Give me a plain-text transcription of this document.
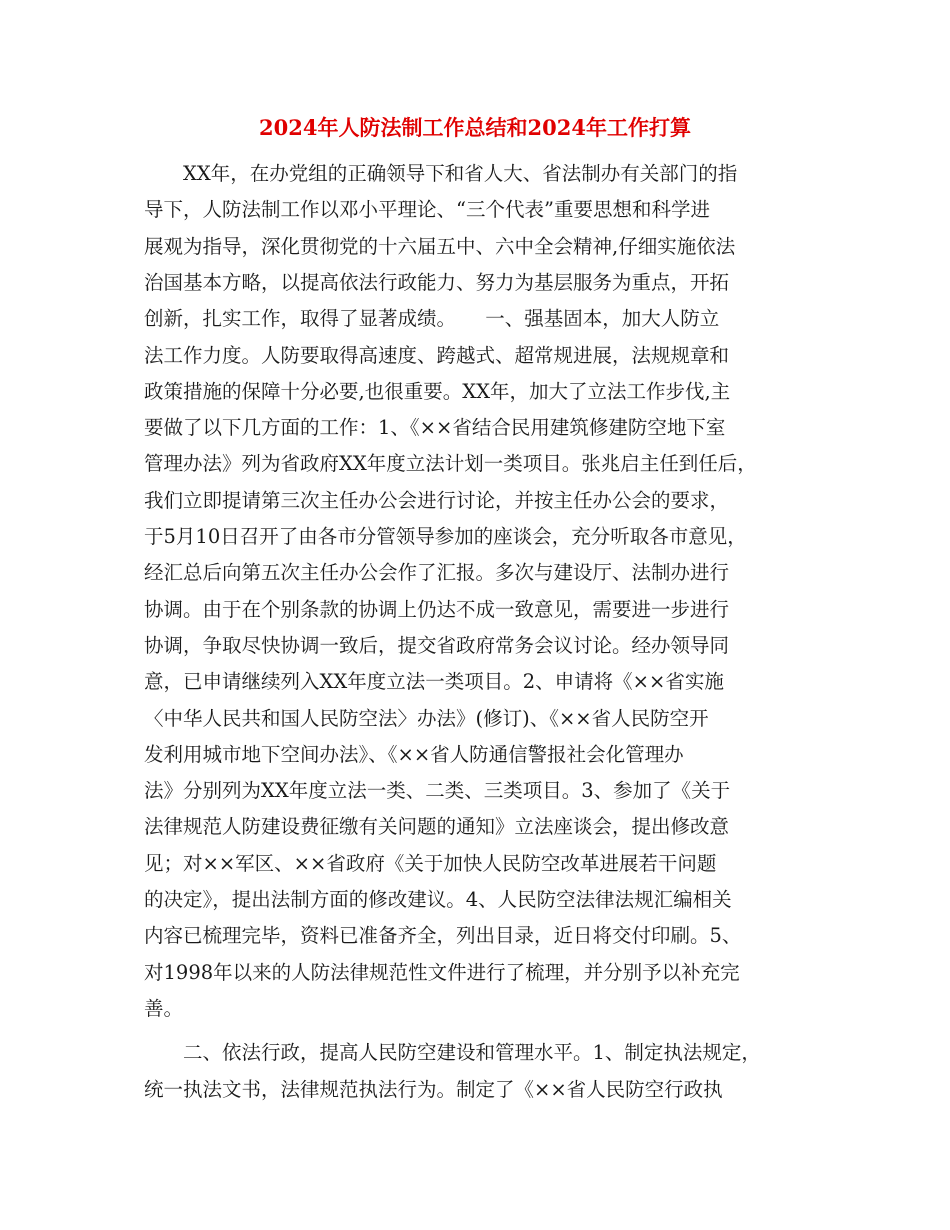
2024年人防法制工作总结和2024年工作打算
　　XX年，在办党组的正确领导下和省人大、省法制办有关部门的指
导下，人防法制工作以邓小平理论、“三个代表”重要思想和科学进
展观为指导，深化贯彻党的十六届五中、六中全会精神,仔细实施依法
治国基本方略，以提高依法行政能力、努力为基层服务为重点，开拓
创新，扎实工作，取得了显著成绩。　　一、强基固本，加大人防立
法工作力度。人防要取得高速度、跨越式、超常规进展，法规规章和
政策措施的保障十分必要,也很重要。XX年，加大了立法工作步伐,主
要做了以下几方面的工作：1、《××省结合民用建筑修建防空地下室
管理办法》列为省政府XX年度立法计划一类项目。张兆启主任到任后，
我们立即提请第三次主任办公会进行讨论，并按主任办公会的要求，
于5月10日召开了由各市分管领导参加的座谈会，充分听取各市意见，
经汇总后向第五次主任办公会作了汇报。多次与建设厅、法制办进行
协调。由于在个别条款的协调上仍达不成一致意见，需要进一步进行
协调，争取尽快协调一致后，提交省政府常务会议讨论。经办领导同
意，已申请继续列入XX年度立法一类项目。2、申请将《××省实施
〈中华人民共和国人民防空法〉办法》(修订)、《××省人民防空开
发利用城市地下空间办法》、《××省人防通信警报社会化管理办
法》分别列为XX年度立法一类、二类、三类项目。3、参加了《关于
法律规范人防建设费征缴有关问题的通知》立法座谈会，提出修改意
见；对××军区、××省政府《关于加快人民防空改革进展若干问题
的决定》，提出法制方面的修改建议。4、人民防空法律法规汇编相关
内容已梳理完毕，资料已准备齐全，列出目录，近日将交付印刷。5、
对1998年以来的人防法律规范性文件进行了梳理，并分别予以补充完
善。
　　二、依法行政，提高人民防空建设和管理水平。1、制定执法规定，
统一执法文书，法律规范执法行为。制定了《××省人民防空行政执
